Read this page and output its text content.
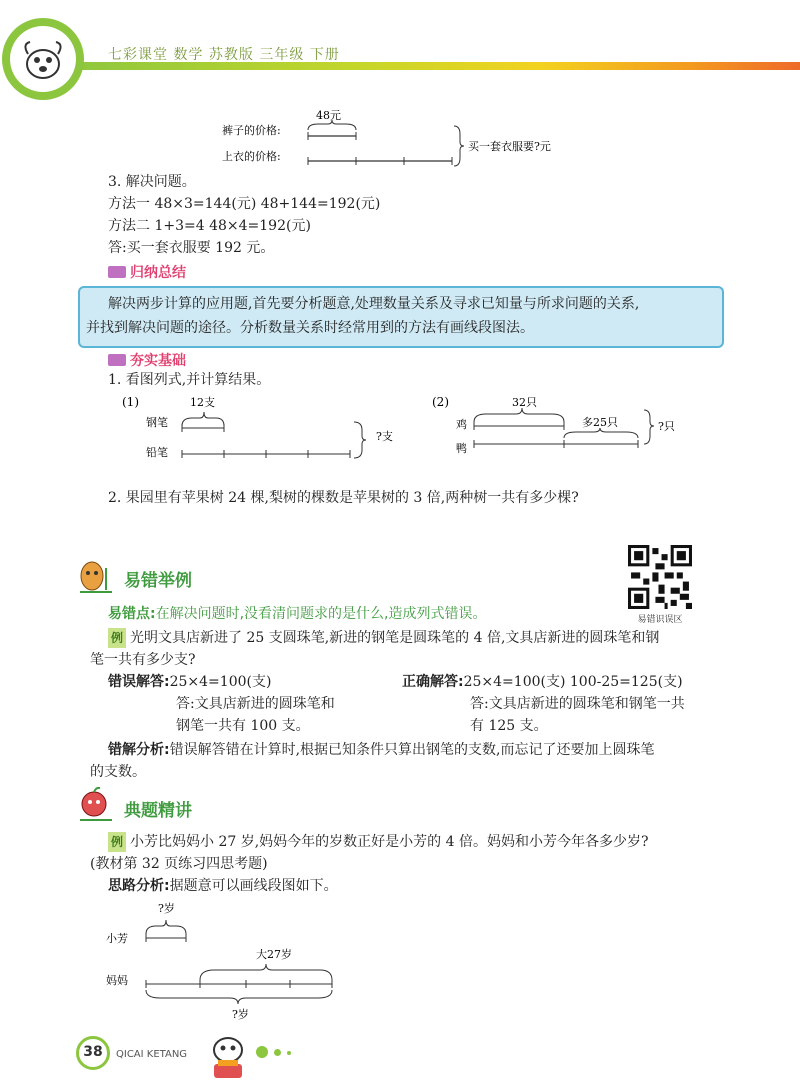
七彩课堂 数学 苏教版 三年级 下册
裤子的价格:
上衣的价格:
48元
买一套衣服要?元
3. 解决问题。
方法一 48×3=144(元) 48+144=192(元)
方法二 1+3=4 48×4=192(元)
答:买一套衣服要 192 元。
归纳总结
解决两步计算的应用题,首先要分析题意,处理数量关系及寻求已知量与所求问题的关系,
并找到解决问题的途径。分析数量关系时经常用到的方法有画线段图法。
夯实基础
1. 看图列式,并计算结果。
(1)	12支
钢笔
铅笔
?支
(2)	32只
鸡	多25只
鸭
?只
2. 果园里有苹果树 24 棵,梨树的棵数是苹果树的 3 倍,两种树一共有多少棵?
易错举例
易错识误区
易错点:在解决问题时,没看清问题求的是什么,造成列式错误。
例 光明文具店新进了 25 支圆珠笔,新进的钢笔是圆珠笔的 4 倍,文具店新进的圆珠笔和钢
笔一共有多少支?
错误解答:25×4=100(支)
答:文具店新进的圆珠笔和
钢笔一共有 100 支。
正确解答:25×4=100(支) 100-25=125(支)
答:文具店新进的圆珠笔和钢笔一共
有 125 支。
错解分析:错误解答错在计算时,根据已知条件只算出钢笔的支数,而忘记了还要加上圆珠笔
的支数。
典题精讲
例 小芳比妈妈小 27 岁,妈妈今年的岁数正好是小芳的 4 倍。妈妈和小芳今年各多少岁?
(教材第 32 页练习四思考题)
思路分析:据题意可以画线段图如下。
?岁
小芳
大27岁
妈妈
?岁
38	QICAI KETANG
